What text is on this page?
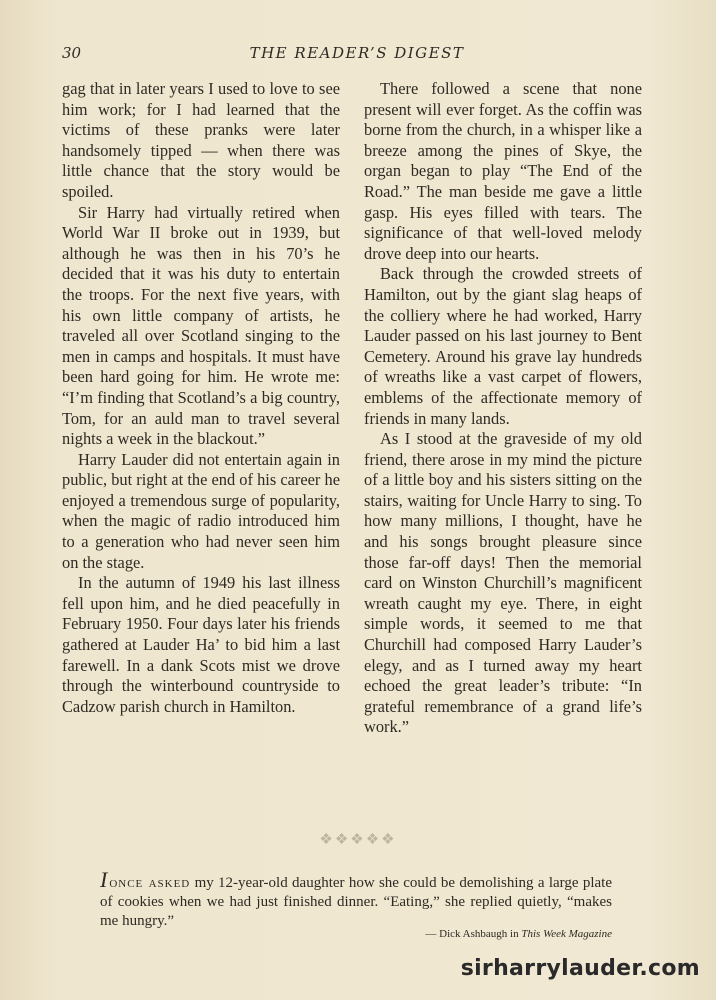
30	THE READER’S DIGEST

gag that in later years I used to love to see him work; for I had learned that the victims of these pranks were later handsomely tipped — when there was little chance that the story would be spoiled.

Sir Harry had virtually retired when World War II broke out in 1939, but although he was then in his 70’s he decided that it was his duty to entertain the troops. For the next five years, with his own little company of artists, he traveled all over Scotland singing to the men in camps and hospitals. It must have been hard going for him. He wrote me: “I’m finding that Scotland’s a big country, Tom, for an auld man to travel several nights a week in the blackout.”

Harry Lauder did not entertain again in public, but right at the end of his career he enjoyed a tremendous surge of popularity, when the magic of radio introduced him to a generation who had never seen him on the stage.

In the autumn of 1949 his last illness fell upon him, and he died peacefully in February 1950. Four days later his friends gathered at Lauder Ha’ to bid him a last farewell. In a dank Scots mist we drove through the winterbound countryside to Cadzow parish church in Hamilton.

There followed a scene that none present will ever forget. As the coffin was borne from the church, in a whisper like a breeze among the pines of Skye, the organ began to play “The End of the Road.” The man beside me gave a little gasp. His eyes filled with tears. The significance of that well-loved melody drove deep into our hearts.

Back through the crowded streets of Hamilton, out by the giant slag heaps of the colliery where he had worked, Harry Lauder passed on his last journey to Bent Cemetery. Around his grave lay hundreds of wreaths like a vast carpet of flowers, emblems of the affectionate memory of friends in many lands.

As I stood at the graveside of my old friend, there arose in my mind the picture of a little boy and his sisters sitting on the stairs, waiting for Uncle Harry to sing. To how many millions, I thought, have he and his songs brought pleasure since those far-off days! Then the memorial card on Winston Churchill’s magnificent wreath caught my eye. There, in eight simple words, it seemed to me that Churchill had composed Harry Lauder’s elegy, and as I turned away my heart echoed the great leader’s tribute: “In grateful remembrance of a grand life’s work.”

❖❖❖❖❖
I once asked my 12-year-old daughter how she could be demolishing a large plate of cookies when we had just finished dinner. “Eating,” she replied quietly, “makes me hungry.”
— Dick Ashbaugh in This Week Magazine
sirharrylauder.com
